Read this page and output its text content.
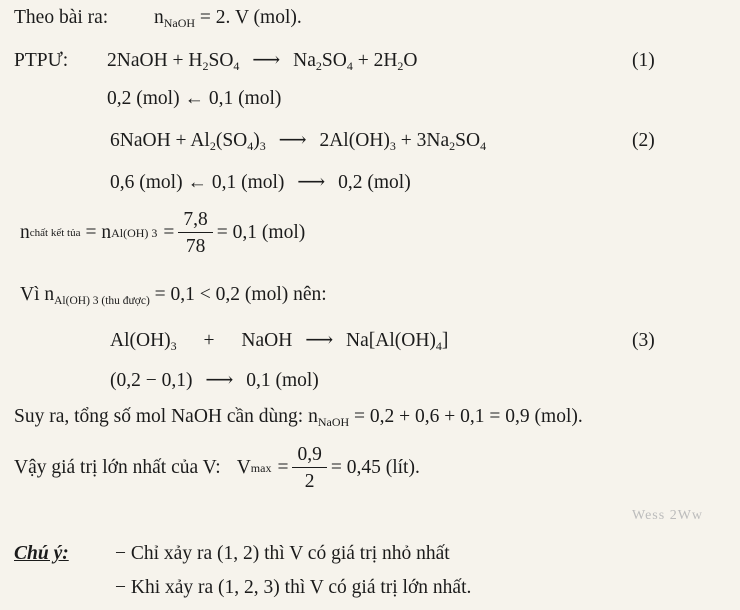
Theo bài ra: $n_{NaOH} = 2$. V (mol).
PTPƯ: 2NaOH + $H_2SO_4$ ⟶ $Na_2SO_4 + 2H_2O$	(1)
0,2 (mol) ← 0,1 (mol)
6NaOH + $Al_2(SO_4)_3$ ⟶ $2Al(OH)_3 + 3Na_2SO_4$	(2)
0,6 (mol) ← 0,1 (mol) ⟶ 0,2 (mol)
n chất kết tủa = n Al(OH) $3 = \frac{7,8}{78} = 0,1$ (mol)
Vì $n_{Al(OH) 3 (thu được)} = 0,1 < 0,2$ (mol) nên:
$Al(OH)_3$ + NaOH ⟶ $Na[Al(OH)_4]$	(3)
(0,2 − 0,1) ⟶ 0,1 (mol)
Suy ra, tổng số mol NaOH cần dùng: $n_{NaOH} = 0,2 + 0,6 + 0,1 = 0,9$ (mol).
Vậy giá trị lớn nhất của V: V $\max = \frac{0,9}{2} = 0,45$ (lít).
Wess 2Ww
Chú ý: − Chỉ xảy ra (1, 2) thì V có giá trị nhỏ nhất
− Khi xảy ra (1, 2, 3) thì V có giá trị lớn nhất.
